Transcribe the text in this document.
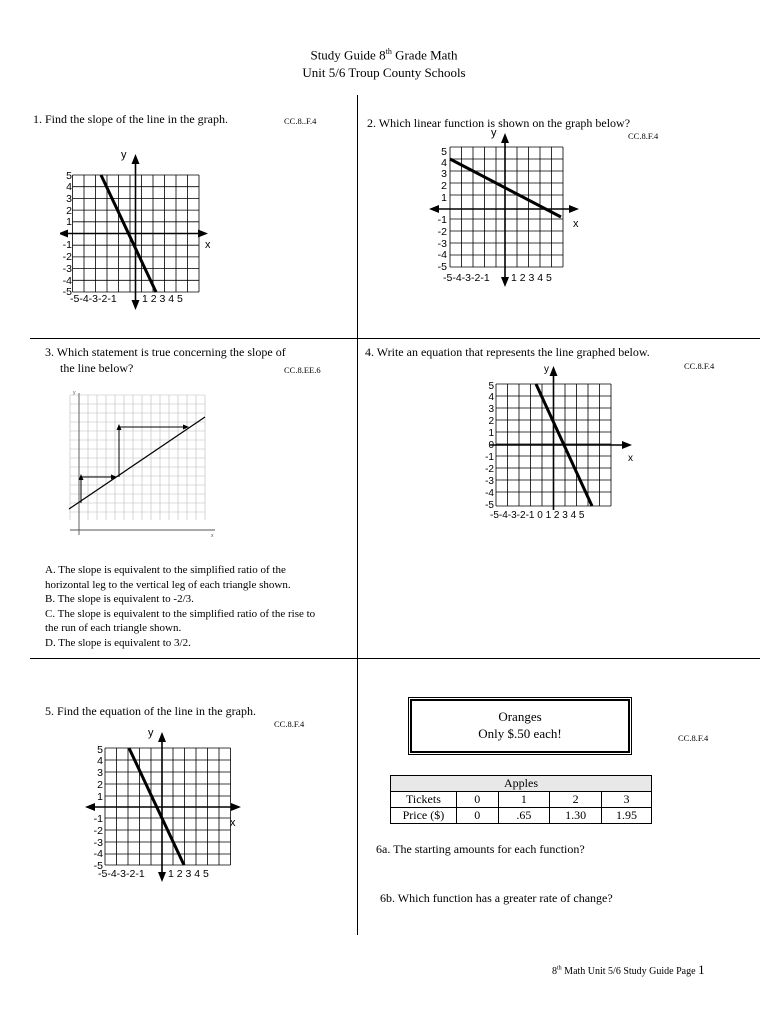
Study Guide 8th Grade Math
Unit 5/6 Troup County Schools
1. Find the slope of the line in the graph.	CC.8..F.4
y
x
5
4
3
2
1
-1
-2
-3
-4
-5
-5-4-3-2-1 1 2 3 4 5
2. Which linear function is shown on the graph below?
CC.8.F.4
y
x
5
4
3
2
1
-1
-2
-3
-4
-5
-5-4-3-2-1 1 2 3 4 5
3. Which statement is true concerning the slope of
the line below?	CC.8.EE.6
y
x
A. The slope is equivalent to the simplified ratio of the
horizontal leg to the vertical leg of each triangle shown.
B. The slope is equivalent to -2/3.
C. The slope is equivalent to the simplified ratio of the rise to
the run of each triangle shown.
D. The slope is equivalent to 3/2.
4. Write an equation that represents the line graphed below.
CC.8.F.4
y
x
5
4
3
2
1
0
-1
-2
-3
-4
-5
-5-4-3-2-1 0 1 2 3 4 5
5. Find the equation of the line in the graph.
CC.8.F.4
y
x
5
4
3
2
1
-1
-2
-3
-4
-5
-5-4-3-2-1 1 2 3 4 5
Oranges
Only $.50 each!	CC.8.F.4
Apples				
Tickets	0	1	2	3
Price ($)	0	.65	1.30	1.95
6a. The starting amounts for each function?
6b. Which function has a greater rate of change?
8th Math Unit 5/6 Study Guide Page 1
